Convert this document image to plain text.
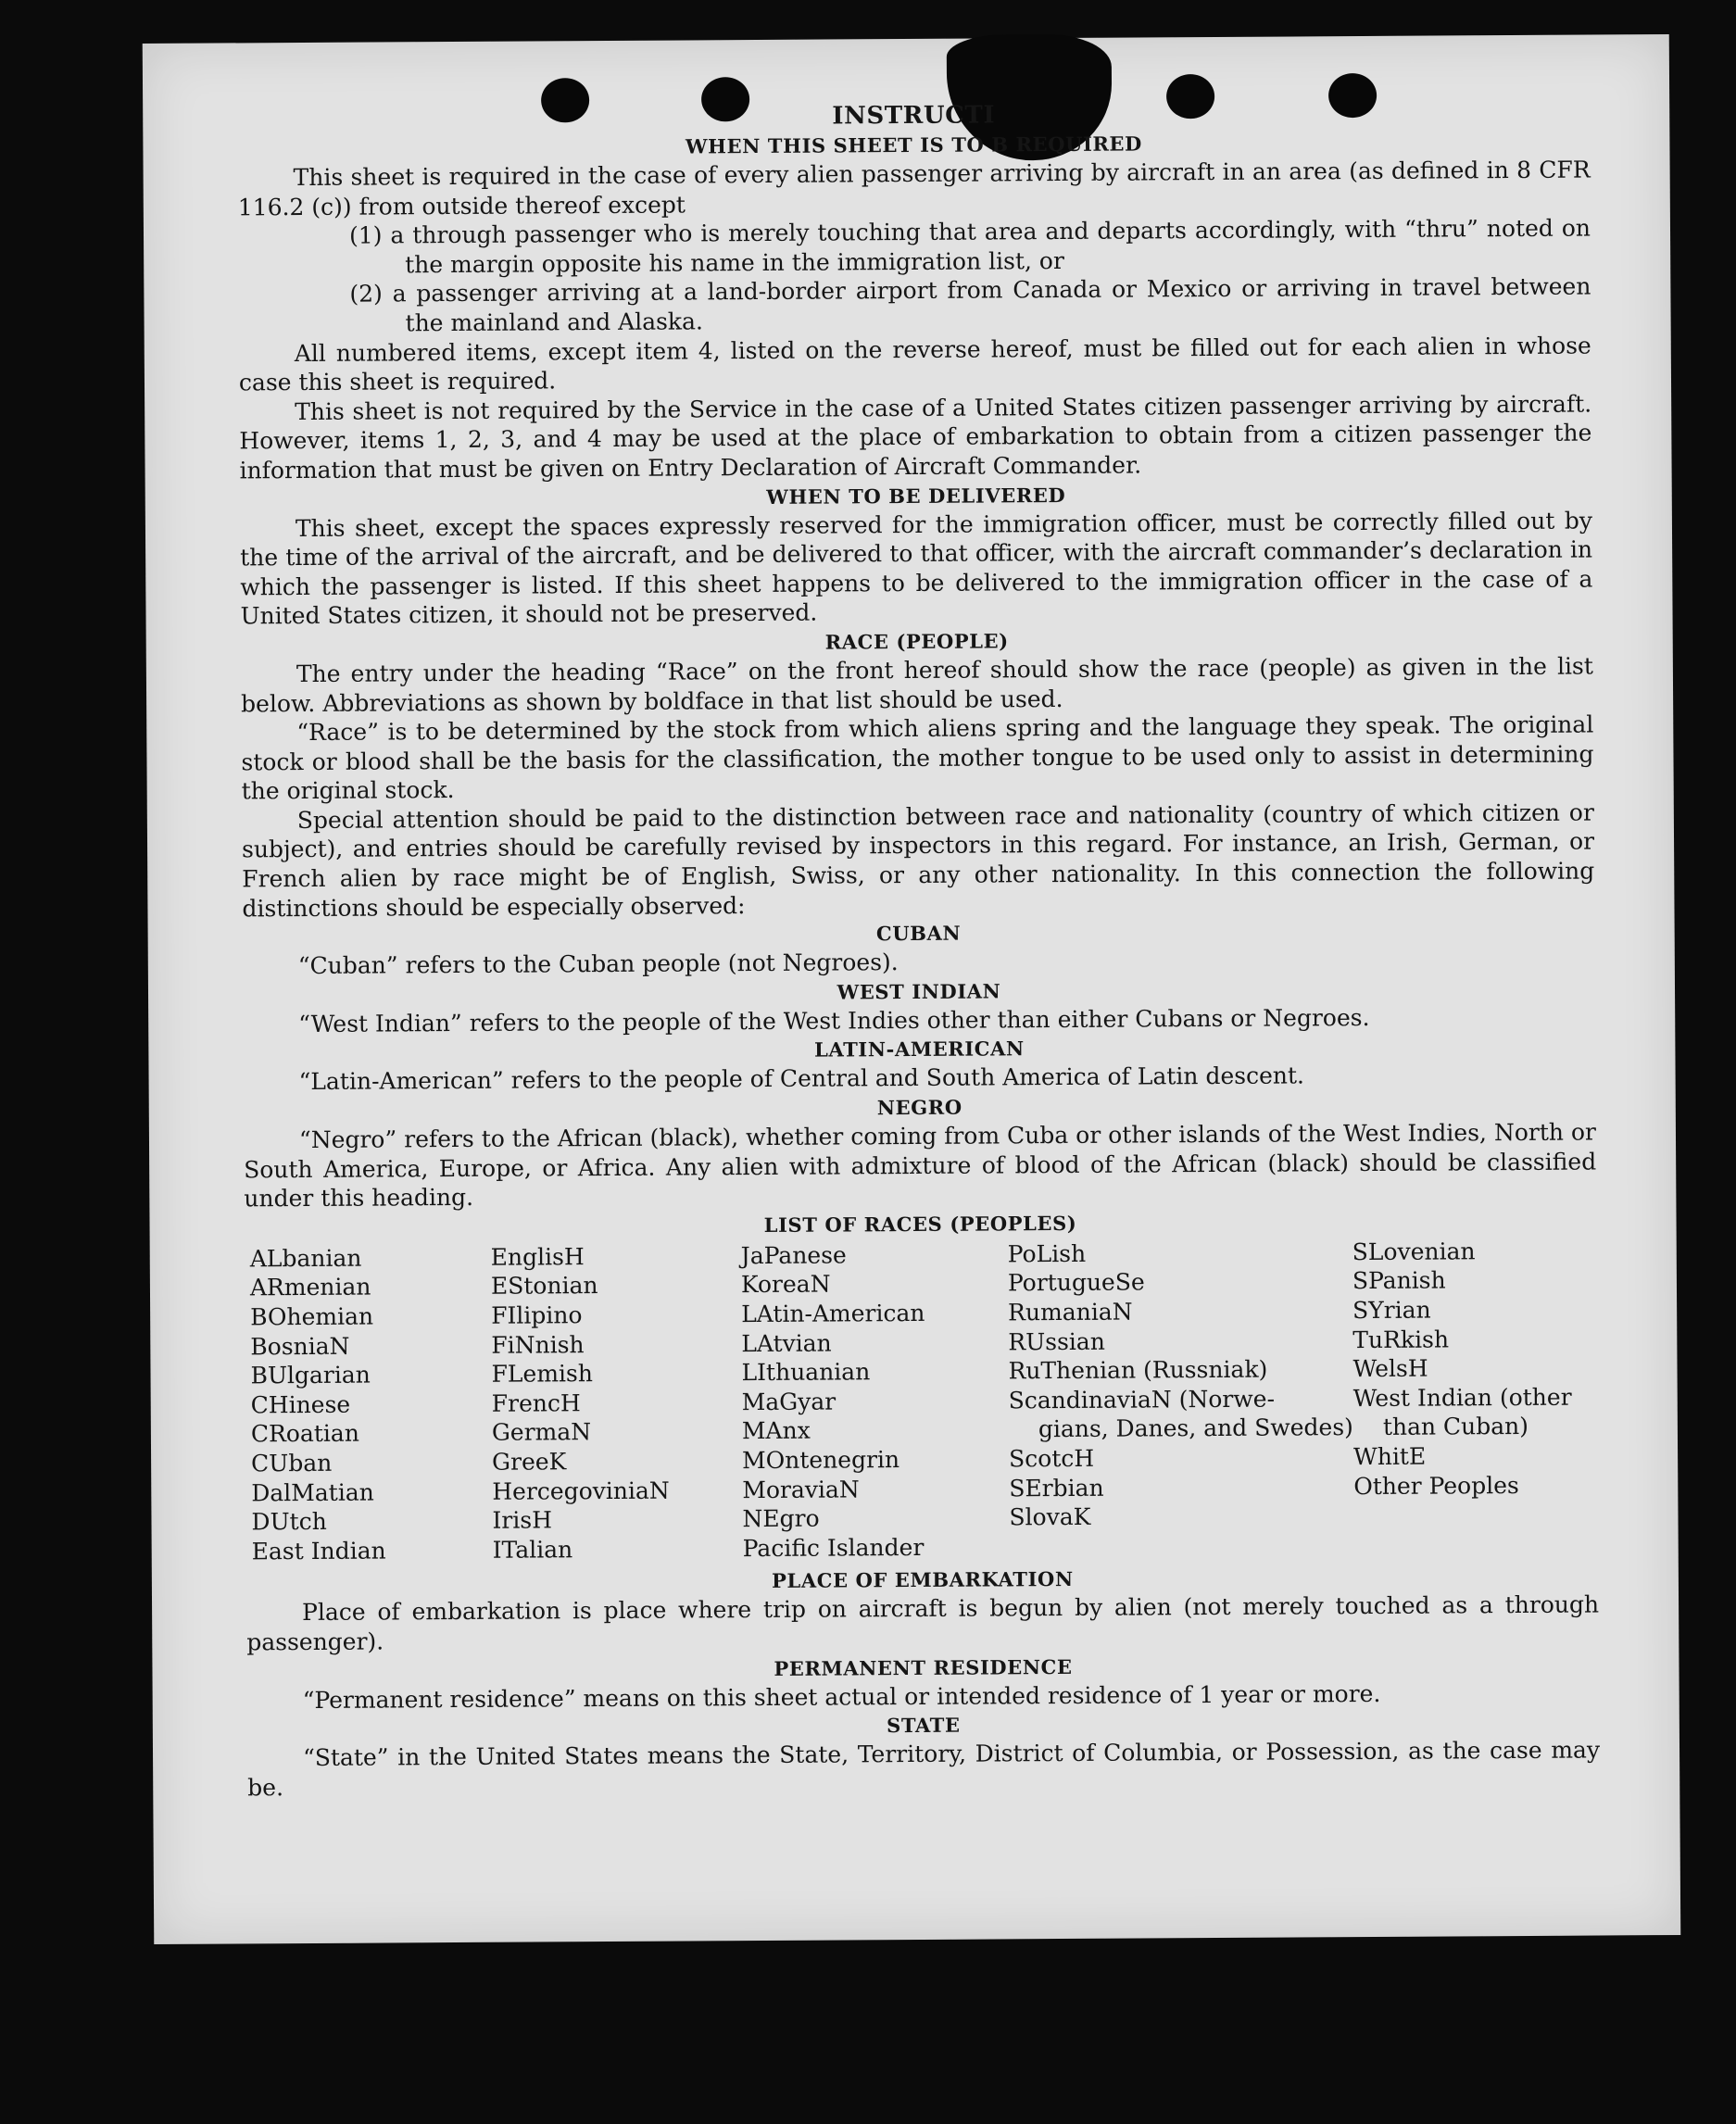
INSTRUCTI
WHEN THIS SHEET IS TO B REQUIRED

This sheet is required in the case of every alien passenger arriving by aircraft in an area (as defined in 8 CFR 116.2 (c)) from outside thereof except

(1) a through passenger who is merely touching that area and departs accordingly, with “thru” noted on the margin opposite his name in the immigration list, or

(2) a passenger arriving at a land-border airport from Canada or Mexico or arriving in travel between the mainland and Alaska.

All numbered items, except item 4, listed on the reverse hereof, must be filled out for each alien in whose case this sheet is required.

This sheet is not required by the Service in the case of a United States citizen passenger arriving by aircraft. However, items 1, 2, 3, and 4 may be used at the place of embarkation to obtain from a citizen passenger the information that must be given on Entry Declaration of Aircraft Commander.

WHEN TO BE DELIVERED

This sheet, except the spaces expressly reserved for the immigration officer, must be correctly filled out by the time of the arrival of the aircraft, and be delivered to that officer, with the aircraft commander’s declaration in which the passenger is listed. If this sheet happens to be delivered to the immigration officer in the case of a United States citizen, it should not be preserved.

RACE (PEOPLE)

The entry under the heading “Race” on the front hereof should show the race (people) as given in the list below. Abbreviations as shown by boldface in that list should be used.

“Race” is to be determined by the stock from which aliens spring and the language they speak. The original stock or blood shall be the basis for the classification, the mother tongue to be used only to assist in determining the original stock.

Special attention should be paid to the distinction between race and nationality (country of which citizen or subject), and entries should be carefully revised by inspectors in this regard. For instance, an Irish, German, or French alien by race might be of English, Swiss, or any other nationality. In this connection the following distinctions should be especially observed:

CUBAN

“Cuban” refers to the Cuban people (not Negroes).

WEST INDIAN

“West Indian” refers to the people of the West Indies other than either Cubans or Negroes.

LATIN-AMERICAN

“Latin-American” refers to the people of Central and South America of Latin descent.

NEGRO

“Negro” refers to the African (black), whether coming from Cuba or other islands of the West Indies, North or South America, Europe, or Africa. Any alien with admixture of blood of the African (black) should be classified under this heading.

LIST OF RACES (PEOPLES)
ALbanian
ARmenian
BOhemian
BosniaN
BUlgarian
CHinese
CRoatian
CUban
DalMatian
DUtch
East Indian
EnglisH
EStonian
FIlipino
FiNnish
FLemish
FrencH
GermaN
GreeK
HercegoviniaN
IrisH
ITalian
JaPanese
KoreaN
LAtin-American
LAtvian
LIthuanian
MaGyar
MAnx
MOntenegrin
MoraviaN
NEgro
Pacific Islander
PoLish
PortugueSe
RumaniaN
RUssian
RuThenian (Russniak)
ScandinaviaN (Norwe-
gians, Danes, and Swedes)
ScotcH
SErbian
SlovaK
SLovenian
SPanish
SYrian
TuRkish
WelsH
West Indian (other
than Cuban)
WhitE
Other Peoples
PLACE OF EMBARKATION

Place of embarkation is place where trip on aircraft is begun by alien (not merely touched as a through passenger).

PERMANENT RESIDENCE

“Permanent residence” means on this sheet actual or intended residence of 1 year or more.

STATE

“State” in the United States means the State, Territory, District of Columbia, or Possession, as the case may be.
